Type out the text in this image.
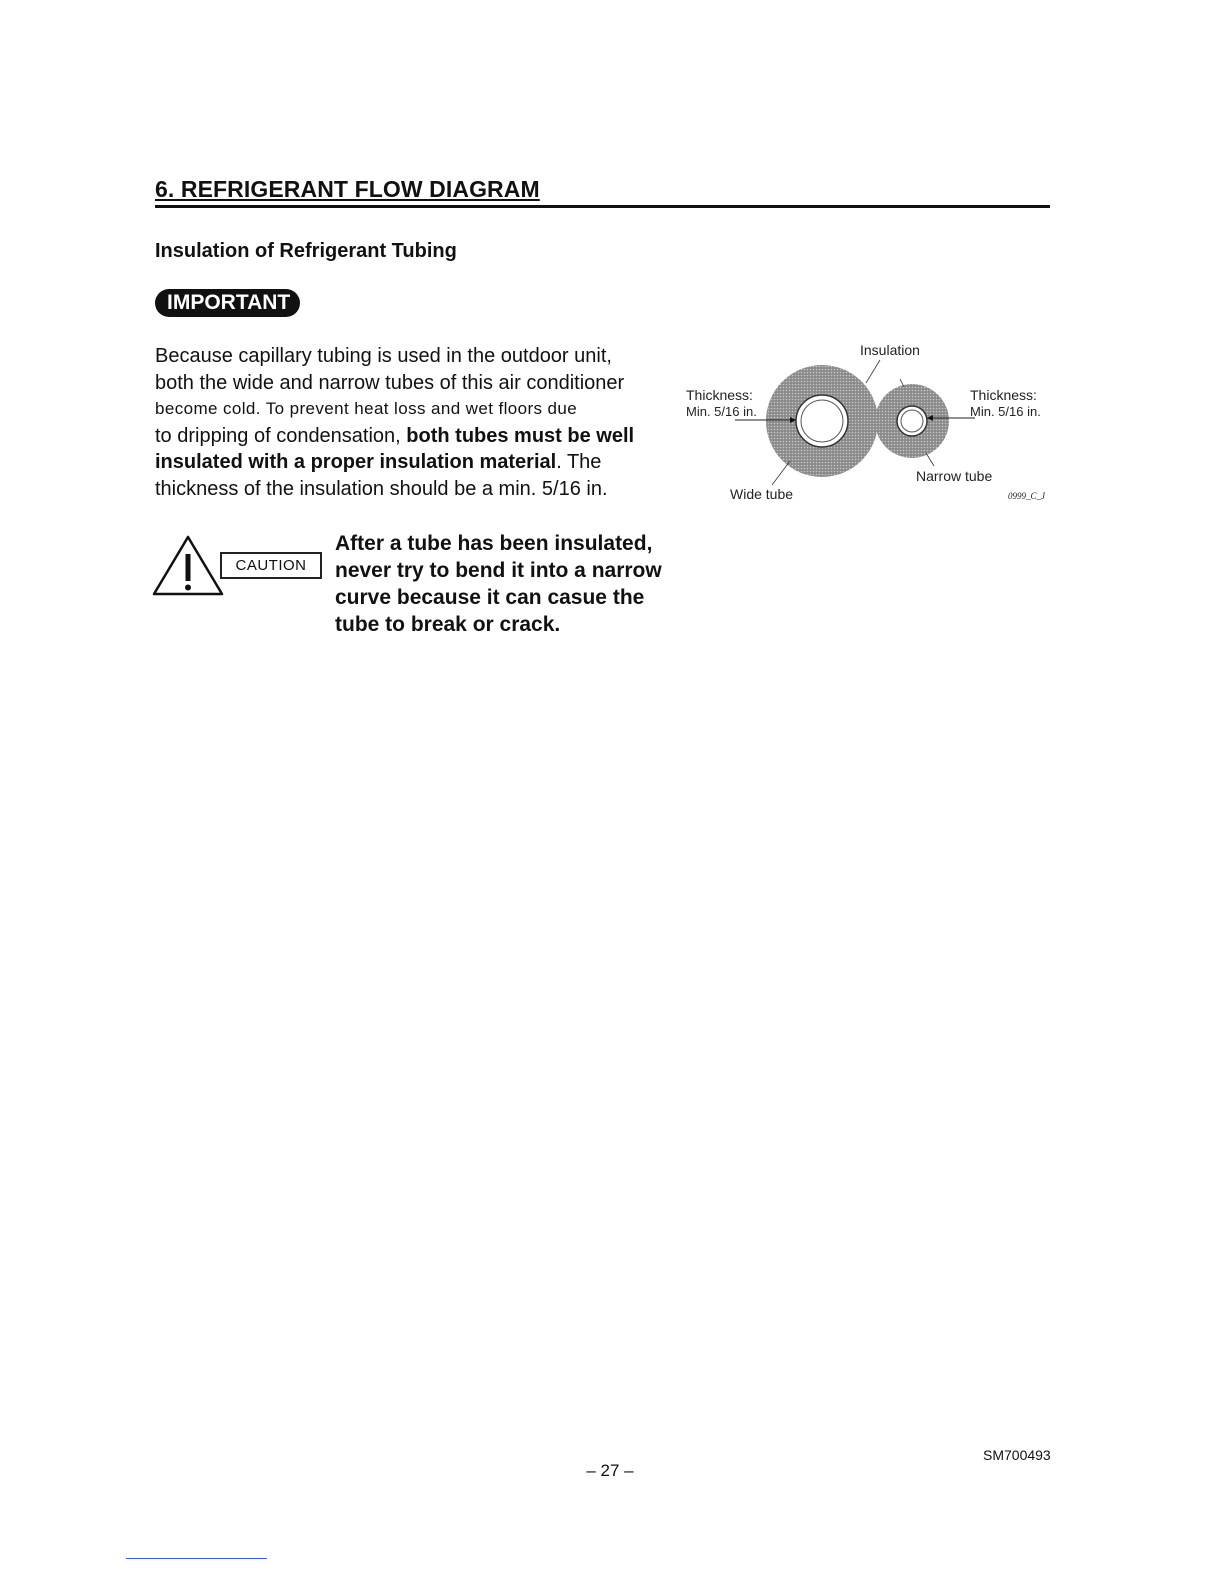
6. REFRIGERANT FLOW DIAGRAM
Insulation of Refrigerant Tubing
IMPORTANT
Because capillary tubing is used in the outdoor unit,
both the wide and narrow tubes of this air conditioner
become cold. To prevent heat loss and wet floors due
to dripping of condensation, both tubes must be well
insulated with a proper insulation material. The
thickness of the insulation should be a min. 5/16 in.
CAUTION
After a tube has been insulated,
never try to bend it into a narrow
curve because it can casue the
tube to break or crack.
Insulation
Thickness:
Min. 5/16 in.
Thickness:
Min. 5/16 in.
Narrow tube
Wide tube	0999_C_J
– 27 –
SM700493
